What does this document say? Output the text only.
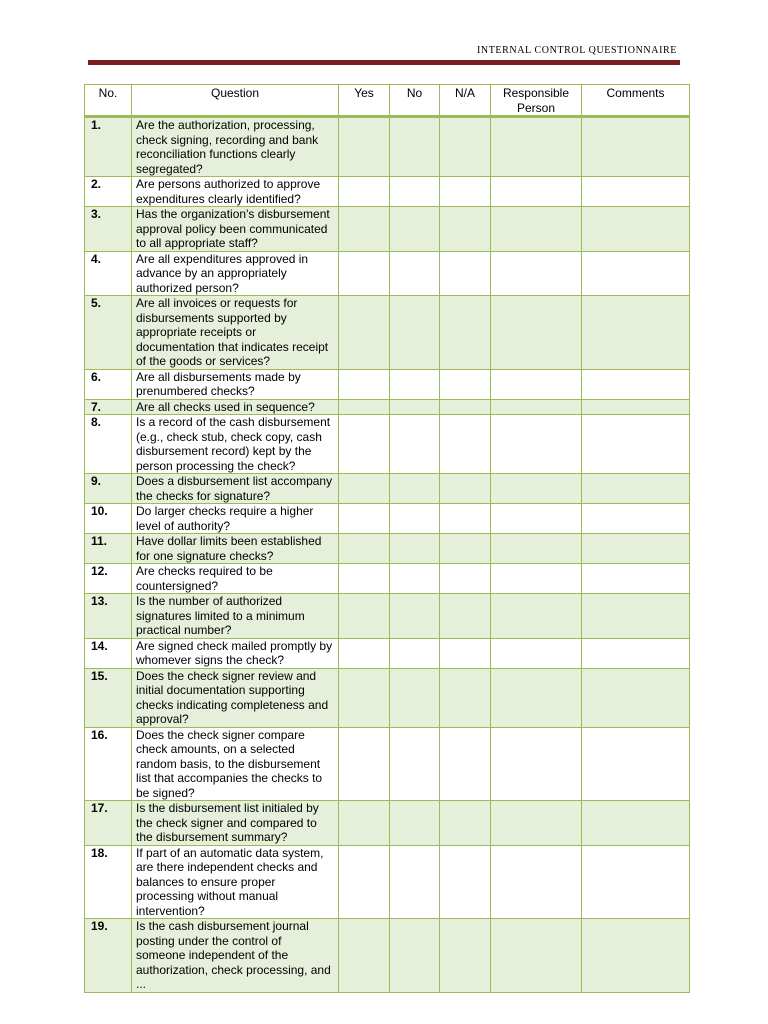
INTERNAL CONTROL QUESTIONNAIRE
No.	Question	Yes	No	N/A	Responsible Person	Comments
1.	Are the authorization, processing, check signing, recording and bank reconciliation functions clearly segregated?					
2.	Are persons authorized to approve expenditures clearly identified?					
3.	Has the organization's disbursement approval policy been communicated to all appropriate staff?					
4.	Are all expenditures approved in advance by an appropriately authorized person?					
5.	Are all invoices or requests for disbursements supported by appropriate receipts or documentation that indicates receipt of the goods or services?					
6.	Are all disbursements made by prenumbered checks?					
7.	Are all checks used in sequence?					
8.	Is a record of the cash disbursement (e.g., check stub, check copy, cash disbursement record) kept by the person processing the check?					
9.	Does a disbursement list accompany the checks for signature?					
10.	Do larger checks require a higher level of authority?					
11.	Have dollar limits been established for one signature checks?					
12.	Are checks required to be countersigned?					
13.	Is the number of authorized signatures limited to a minimum practical number?					
14.	Are signed check mailed promptly by whomever signs the check?					
15.	Does the check signer review and initial documentation supporting checks indicating completeness and approval?					
16.	Does the check signer compare check amounts, on a selected random basis, to the disbursement list that accompanies the checks to be signed?					
17.	Is the disbursement list initialed by the check signer and compared to the disbursement summary?					
18.	If part of an automatic data system, are there independent checks and balances to ensure proper processing without manual intervention?					
19.	Is the cash disbursement journal posting under the control of someone independent of the authorization, check processing, and ...					
